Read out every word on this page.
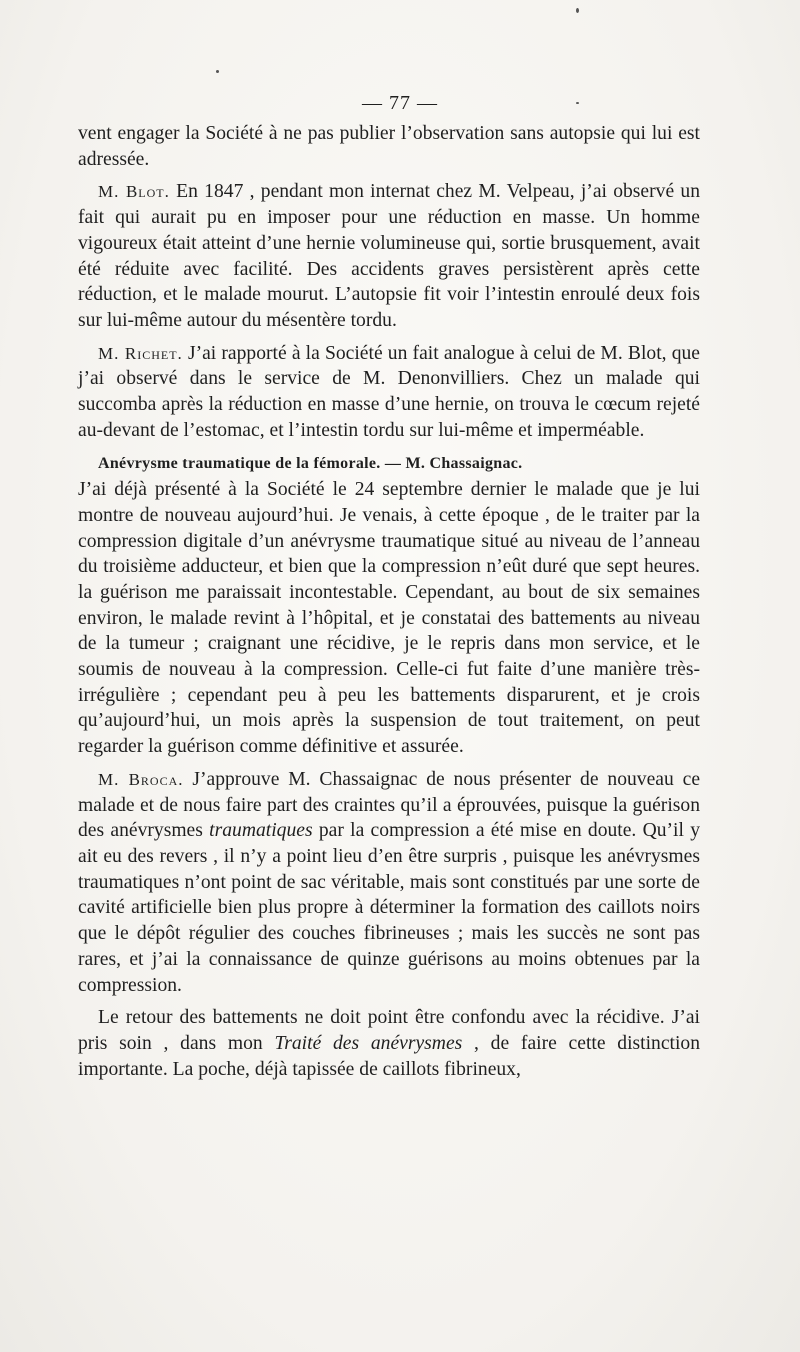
— 77 —

vent engager la Société à ne pas publier l’observation sans autopsie qui lui est adressée.

M. Blot. En 1847 , pendant mon internat chez M. Velpeau, j’ai observé un fait qui aurait pu en imposer pour une réduction en masse. Un homme vigoureux était atteint d’une hernie volumineuse qui, sortie brusquement, avait été réduite avec facilité. Des accidents graves persistèrent après cette réduction, et le malade mourut. L’autopsie fit voir l’intestin enroulé deux fois sur lui-même autour du mésentère tordu.

M. Richet. J’ai rapporté à la Société un fait analogue à celui de M. Blot, que j’ai observé dans le service de M. Denonvilliers. Chez un malade qui succomba après la réduction en masse d’une hernie, on trouva le cœcum rejeté au-devant de l’estomac, et l’intestin tordu sur lui-même et imperméable.

Anévrysme traumatique de la fémorale. — M. Chassaignac.

J’ai déjà présenté à la Société le 24 septembre dernier le malade que je lui montre de nouveau aujourd’hui. Je venais, à cette époque , de le traiter par la compression digitale d’un anévrysme traumatique situé au niveau de l’anneau du troisième adducteur, et bien que la compression n’eût duré que sept heures. la guérison me paraissait incontestable. Cependant, au bout de six semaines environ, le malade revint à l’hôpital, et je constatai des battements au niveau de la tumeur ; craignant une récidive, je le repris dans mon service, et le soumis de nouveau à la compression. Celle-ci fut faite d’une manière très-irrégulière ; cependant peu à peu les battements disparurent, et je crois qu’aujourd’hui, un mois après la suspension de tout traitement, on peut regarder la guérison comme définitive et assurée.

M. Broca. J’approuve M. Chassaignac de nous présenter de nouveau ce malade et de nous faire part des craintes qu’il a éprouvées, puisque la guérison des anévrysmes traumatiques par la compression a été mise en doute. Qu’il y ait eu des revers , il n’y a point lieu d’en être surpris , puisque les anévrysmes traumatiques n’ont point de sac véritable, mais sont constitués par une sorte de cavité artificielle bien plus propre à déterminer la formation des caillots noirs que le dépôt régulier des couches fibrineuses ; mais les succès ne sont pas rares, et j’ai la connaissance de quinze guérisons au moins obtenues par la compression.

Le retour des battements ne doit point être confondu avec la récidive. J’ai pris soin , dans mon Traité des anévrysmes , de faire cette distinction importante. La poche, déjà tapissée de caillots fibrineux,
